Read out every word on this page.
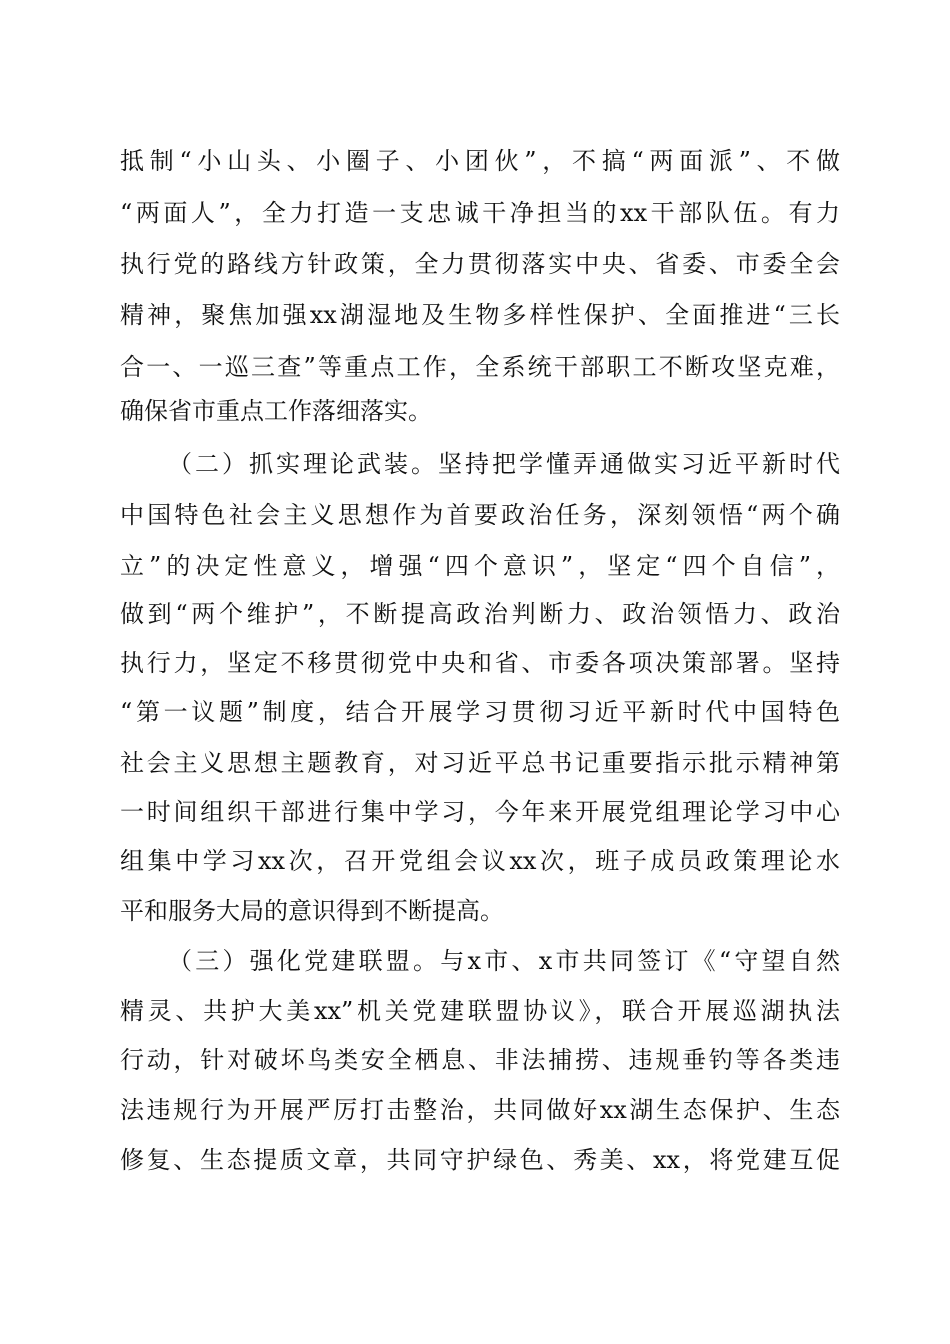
抵制“小山头、小圈子、小团伙”，不搞“两面派”、不做
“两面人”，全力打造一支忠诚干净担当的xx干部队伍。有力
执行党的路线方针政策，全力贯彻落实中央、省委、市委全会
精神，聚焦加强xx湖湿地及生物多样性保护、全面推进“三长
合一、一巡三查”等重点工作，全系统干部职工不断攻坚克难，
确保省市重点工作落细落实。
（二）抓实理论武装。坚持把学懂弄通做实习近平新时代
中国特色社会主义思想作为首要政治任务，深刻领悟“两个确
立”的决定性意义，增强“四个意识”，坚定“四个自信”，
做到“两个维护”，不断提高政治判断力、政治领悟力、政治
执行力，坚定不移贯彻党中央和省、市委各项决策部署。坚持
“第一议题”制度，结合开展学习贯彻习近平新时代中国特色
社会主义思想主题教育，对习近平总书记重要指示批示精神第
一时间组织干部进行集中学习，今年来开展党组理论学习中心
组集中学习xx次，召开党组会议xx次，班子成员政策理论水
平和服务大局的意识得到不断提高。
（三）强化党建联盟。与x市、x市共同签订《“守望自然
精灵、共护大美xx”机关党建联盟协议》，联合开展巡湖执法
行动，针对破坏鸟类安全栖息、非法捕捞、违规垂钓等各类违
法违规行为开展严厉打击整治，共同做好xx湖生态保护、生态
修复、生态提质文章，共同守护绿色、秀美、xx，将党建互促
